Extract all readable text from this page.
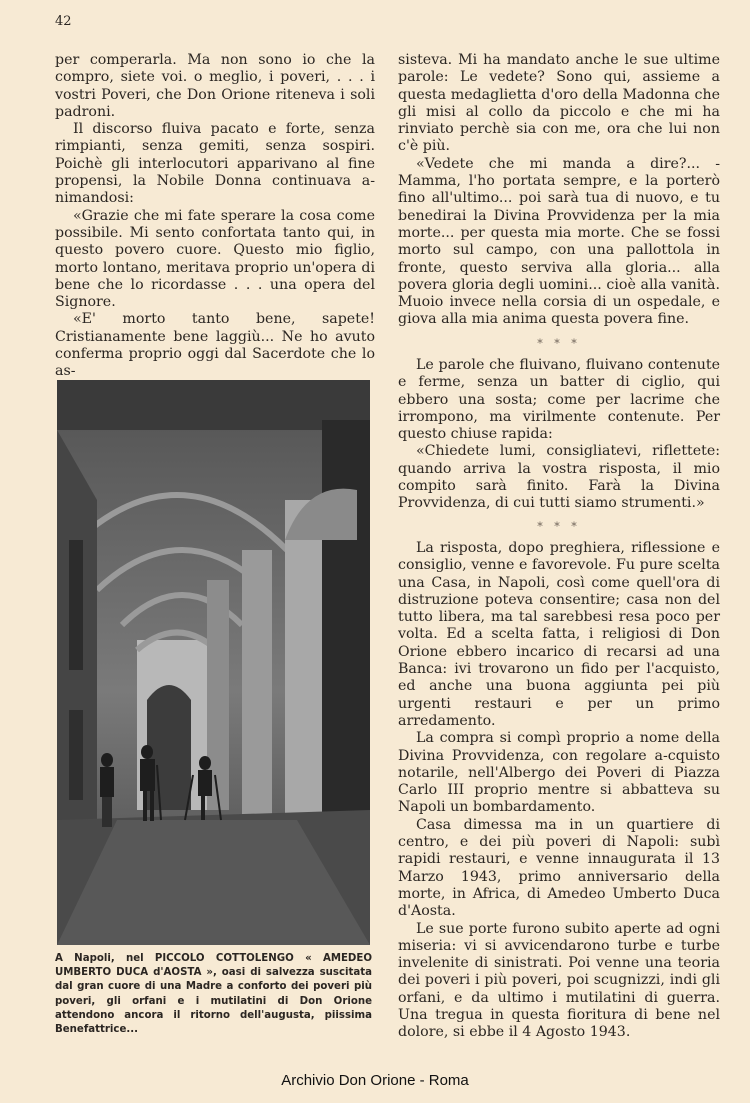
42

per comperarla. Ma non sono io che la compro, siete voi. o meglio, i poveri, . . . i vostri Poveri, che Don Orione riteneva i soli padroni.

Il discorso fluiva pacato e forte, senza rimpianti, senza gemiti, senza sospiri. Poichè gli interlocutori apparivano al fine propensi, la Nobile Donna continuava a-nimandosi:

«Grazie che mi fate sperare la cosa come possibile. Mi sento confortata tanto qui, in questo povero cuore. Questo mio figlio, morto lontano, meritava proprio un'opera di bene che lo ricordasse . . . una opera del Signore.

«E' morto tanto bene, sapete! Cristianamente bene laggiù... Ne ho avuto conferma proprio oggi dal Sacerdote che lo as-

sisteva. Mi ha mandato anche le sue ultime parole: Le vedete? Sono qui, assieme a questa medaglietta d'oro della Madonna che gli misi al collo da piccolo e che mi ha rinviato perchè sia con me, ora che lui non c'è più.

«Vedete che mi manda a dire?... - Mamma, l'ho portata sempre, e la porterò fino all'ultimo... poi sarà tua di nuovo, e tu benedirai la Divina Provvidenza per la mia morte... per questa mia morte. Che se fossi morto sul campo, con una pallottola in fronte, questo serviva alla gloria... alla povera gloria degli uomini... cioè alla vanità. Muoio invece nella corsia di un ospedale, e giova alla mia anima questa povera fine.

* * *

Le parole che fluivano, fluivano contenute e ferme, senza un batter di ciglio, qui ebbero una sosta; come per lacrime che irrompono, ma virilmente contenute. Per questo chiuse rapida:

«Chiedete lumi, consigliatevi, riflettete: quando arriva la vostra risposta, il mio compito sarà finito. Farà la Divina Provvidenza, di cui tutti siamo strumenti.»

* * *

La risposta, dopo preghiera, riflessione e consiglio, venne e favorevole. Fu pure scelta una Casa, in Napoli, così come quell'ora di distruzione poteva consentire; casa non del tutto libera, ma tal sarebbesi resa poco per volta. Ed a scelta fatta, i religiosi di Don Orione ebbero incarico di recarsi ad una Banca: ivi trovarono un fido per l'acquisto, ed anche una buona aggiunta pei più urgenti restauri e per un primo arredamento.

La compra si compì proprio a nome della Divina Provvidenza, con regolare a-cquisto notarile, nell'Albergo dei Poveri di Piazza Carlo III proprio mentre si abbatteva su Napoli un bombardamento.

Casa dimessa ma in un quartiere di centro, e dei più poveri di Napoli: subì rapidi restauri, e venne innaugurata il 13 Marzo 1943, primo anniversario della morte, in Africa, di Amedeo Umberto Duca d'Aosta.

Le sue porte furono subito aperte ad ogni miseria: vi si avvicendarono turbe e turbe invelenite di sinistrati. Poi venne una teoria dei poveri i più poveri, poi scugnizzi, indi gli orfani, e da ultimo i mutilatini di guerra. Una tregua in questa fioritura di bene nel dolore, si ebbe il 4 Agosto 1943.

A Napoli, nel PICCOLO COTTOLENGO « AMEDEO UMBERTO DUCA d'AOSTA », oasi di salvezza suscitata dal gran cuore di una Madre a conforto dei poveri più poveri, gli orfani e i mutilatini di Don Orione attendono ancora il ritorno dell'augusta, piissima Benefattrice...
Archivio Don Orione - Roma
